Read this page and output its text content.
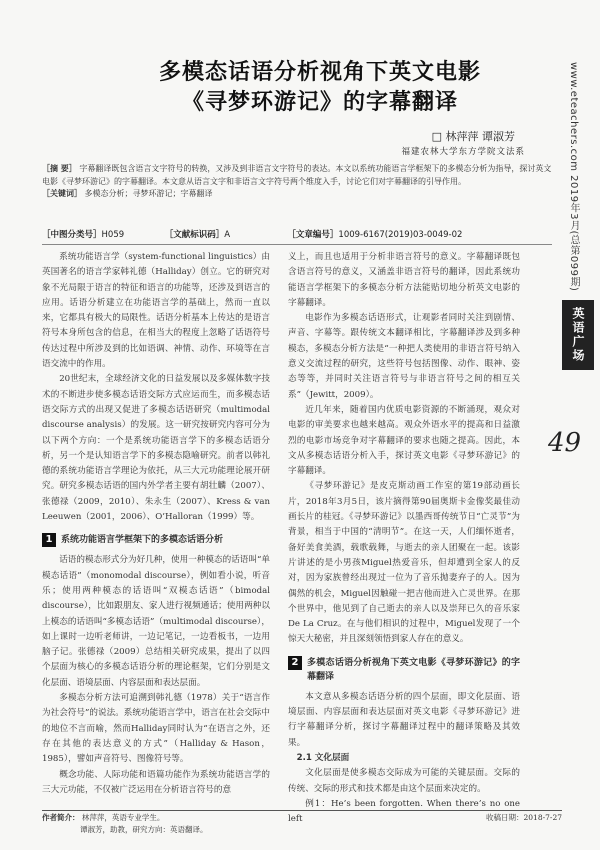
多模态话语分析视角下英文电影
《寻梦环游记》的字幕翻译
□ 林萍萍 谭淑芳
福建农林大学东方学院文法系
［摘 要］ 字幕翻译既包含语言文字符号的转换，又涉及到非语言文字符号的表达。本文以系统功能语言学框架下的多模态分析为指导，探讨英文电影《寻梦环游记》的字幕翻译。本文意从语言文字和非语言文字符号两个维度入手，讨论它们对字幕翻译的引导作用。
［关键词］ 多模态分析；寻梦环游记；字幕翻译
［中图分类号］H059	［文献标识码］A	［文章编号］1009-6167(2019)03-0049-02

系统功能语言学（system-functional linguistics）由英国著名的语言学家韩礼德（Halliday）创立。它的研究对象不光局限于语言的特征和语言的功能等，还涉及到语言的应用。话语分析建立在功能语言学的基础上，然而一直以来，它都具有极大的局限性。话语分析基本上传达的是语言符号本身所包含的信息，在相当大的程度上忽略了话语符号传达过程中所涉及到的比如语调、神情、动作、环境等在言语交流中的作用。

20世纪末，全球经济文化的日益发展以及多媒体数字技术的不断进步使多模态话语交际方式应运而生，而多模态话语交际方式的出现又促进了多模态话语研究（multimodal discourse analysis）的发展。这一研究按研究内容可分为以下两个方向：一个是系统功能语言学下的多模态话语分析，另一个是认知语言学下的多模态隐喻研究。前者以韩礼德的系统功能语言学理论为依托，从三大元功能理论展开研究。研究多模态话语的国内外学者主要有胡壮麟（2007）、张德禄（2009，2010）、朱永生（2007）、Kress & van Leeuwen（2001，2006）、O’Halloran（1999）等。

1 系统功能语言学框架下的多模态话语分析

话语的模态形式分为好几种，使用一种模态的话语叫“单模态话语”（monomodal discourse），例如看小说，听音乐；使用两种模态的话语叫“双模态话语”（bimodal discourse），比如跟朋友、家人进行视频通话；使用两种以上模态的话语叫“多模态话语”（multimodal discourse），如上课时一边听老师讲，一边记笔记，一边看板书，一边用脑子记。张德禄（2009）总结相关研究成果，提出了以四个层面为核心的多模态话语分析的理论框架，它们分别是文化层面、语境层面、内容层面和表达层面。

多模态分析方法可追溯到韩礼德（1978）关于“语言作为社会符号”的说法。系统功能语言学中，语言在社会交际中的地位不言而喻，然而Halliday同时认为“在语言之外，还存在其他的表达意义的方式”（Halliday & Hason，1985），譬如声音符号、图像符号等。

概念功能、人际功能和语篇功能作为系统功能语言学的三大元功能，不仅被广泛运用在分析语言符号的意

义上，而且也适用于分析非语言符号的意义。字幕翻译既包含语言符号的意义，又涵盖非语言符号的翻译，因此系统功能语言学框架下的多模态分析方法能贴切地分析英文电影的字幕翻译。

电影作为多模态话语形式，让观影者同时关注到剧情、声音、字幕等。跟传统文本翻译相比，字幕翻译涉及到多种模态，多模态分析方法是“一种把人类使用的非语言符号纳入意义交流过程的研究，这些符号包括图像、动作、眼神、姿态等等，并同时关注语言符号与非语言符号之间的相互关系”（Jewitt，2009）。

近几年来，随着国内优质电影资源的不断涌现，观众对电影的审美要求也越来越高。观众外语水平的提高和日益激烈的电影市场竞争对字幕翻译的要求也随之提高。因此，本文从多模态话语分析入手，探讨英文电影《寻梦环游记》的字幕翻译。

《寻梦环游记》是皮克斯动画工作室的第19部动画长片，2018年3月5日，该片摘得第90届奥斯卡金像奖最佳动画长片的桂冠。《寻梦环游记》以墨西哥传统节日“亡灵节”为背景，相当于中国的“清明节”。在这一天，人们缅怀逝者，备好美食美酒，载歌载舞，与逝去的亲人团聚在一起。该影片讲述的是小男孩Miguel热爱音乐，但却遭到全家人的反对，因为家族曾经出现过一位为了音乐抛妻弃子的人。因为偶然的机会，Miguel因触碰一把吉他而进入亡灵世界。在那个世界中，他见到了自己逝去的亲人以及崇拜已久的音乐家De La Cruz。在与他们相识的过程中，Miguel发现了一个惊天大秘密，并且深刻领悟到家人存在的意义。

2 多模态话语分析视角下英文电影《寻梦环游记》的字幕翻译

本文意从多模态话语分析的四个层面，即文化层面、语境层面、内容层面和表达层面对英文电影《寻梦环游记》进行字幕翻译分析，探讨字幕翻译过程中的翻译策略及其效果。

2.1 文化层面

文化层面是使多模态交际成为可能的关键层面。交际的传统、交际的形式和技术都是由这个层面来决定的。

例1：He’s been forgotten. When there’s no one left

www.eteachers.com 2019年3月(总第099期)
英语广场
49
作者简介： 林萍萍，英语专业学生。
谭淑芳，助教，研究方向：英语翻译。
收稿日期：2018-7-27
